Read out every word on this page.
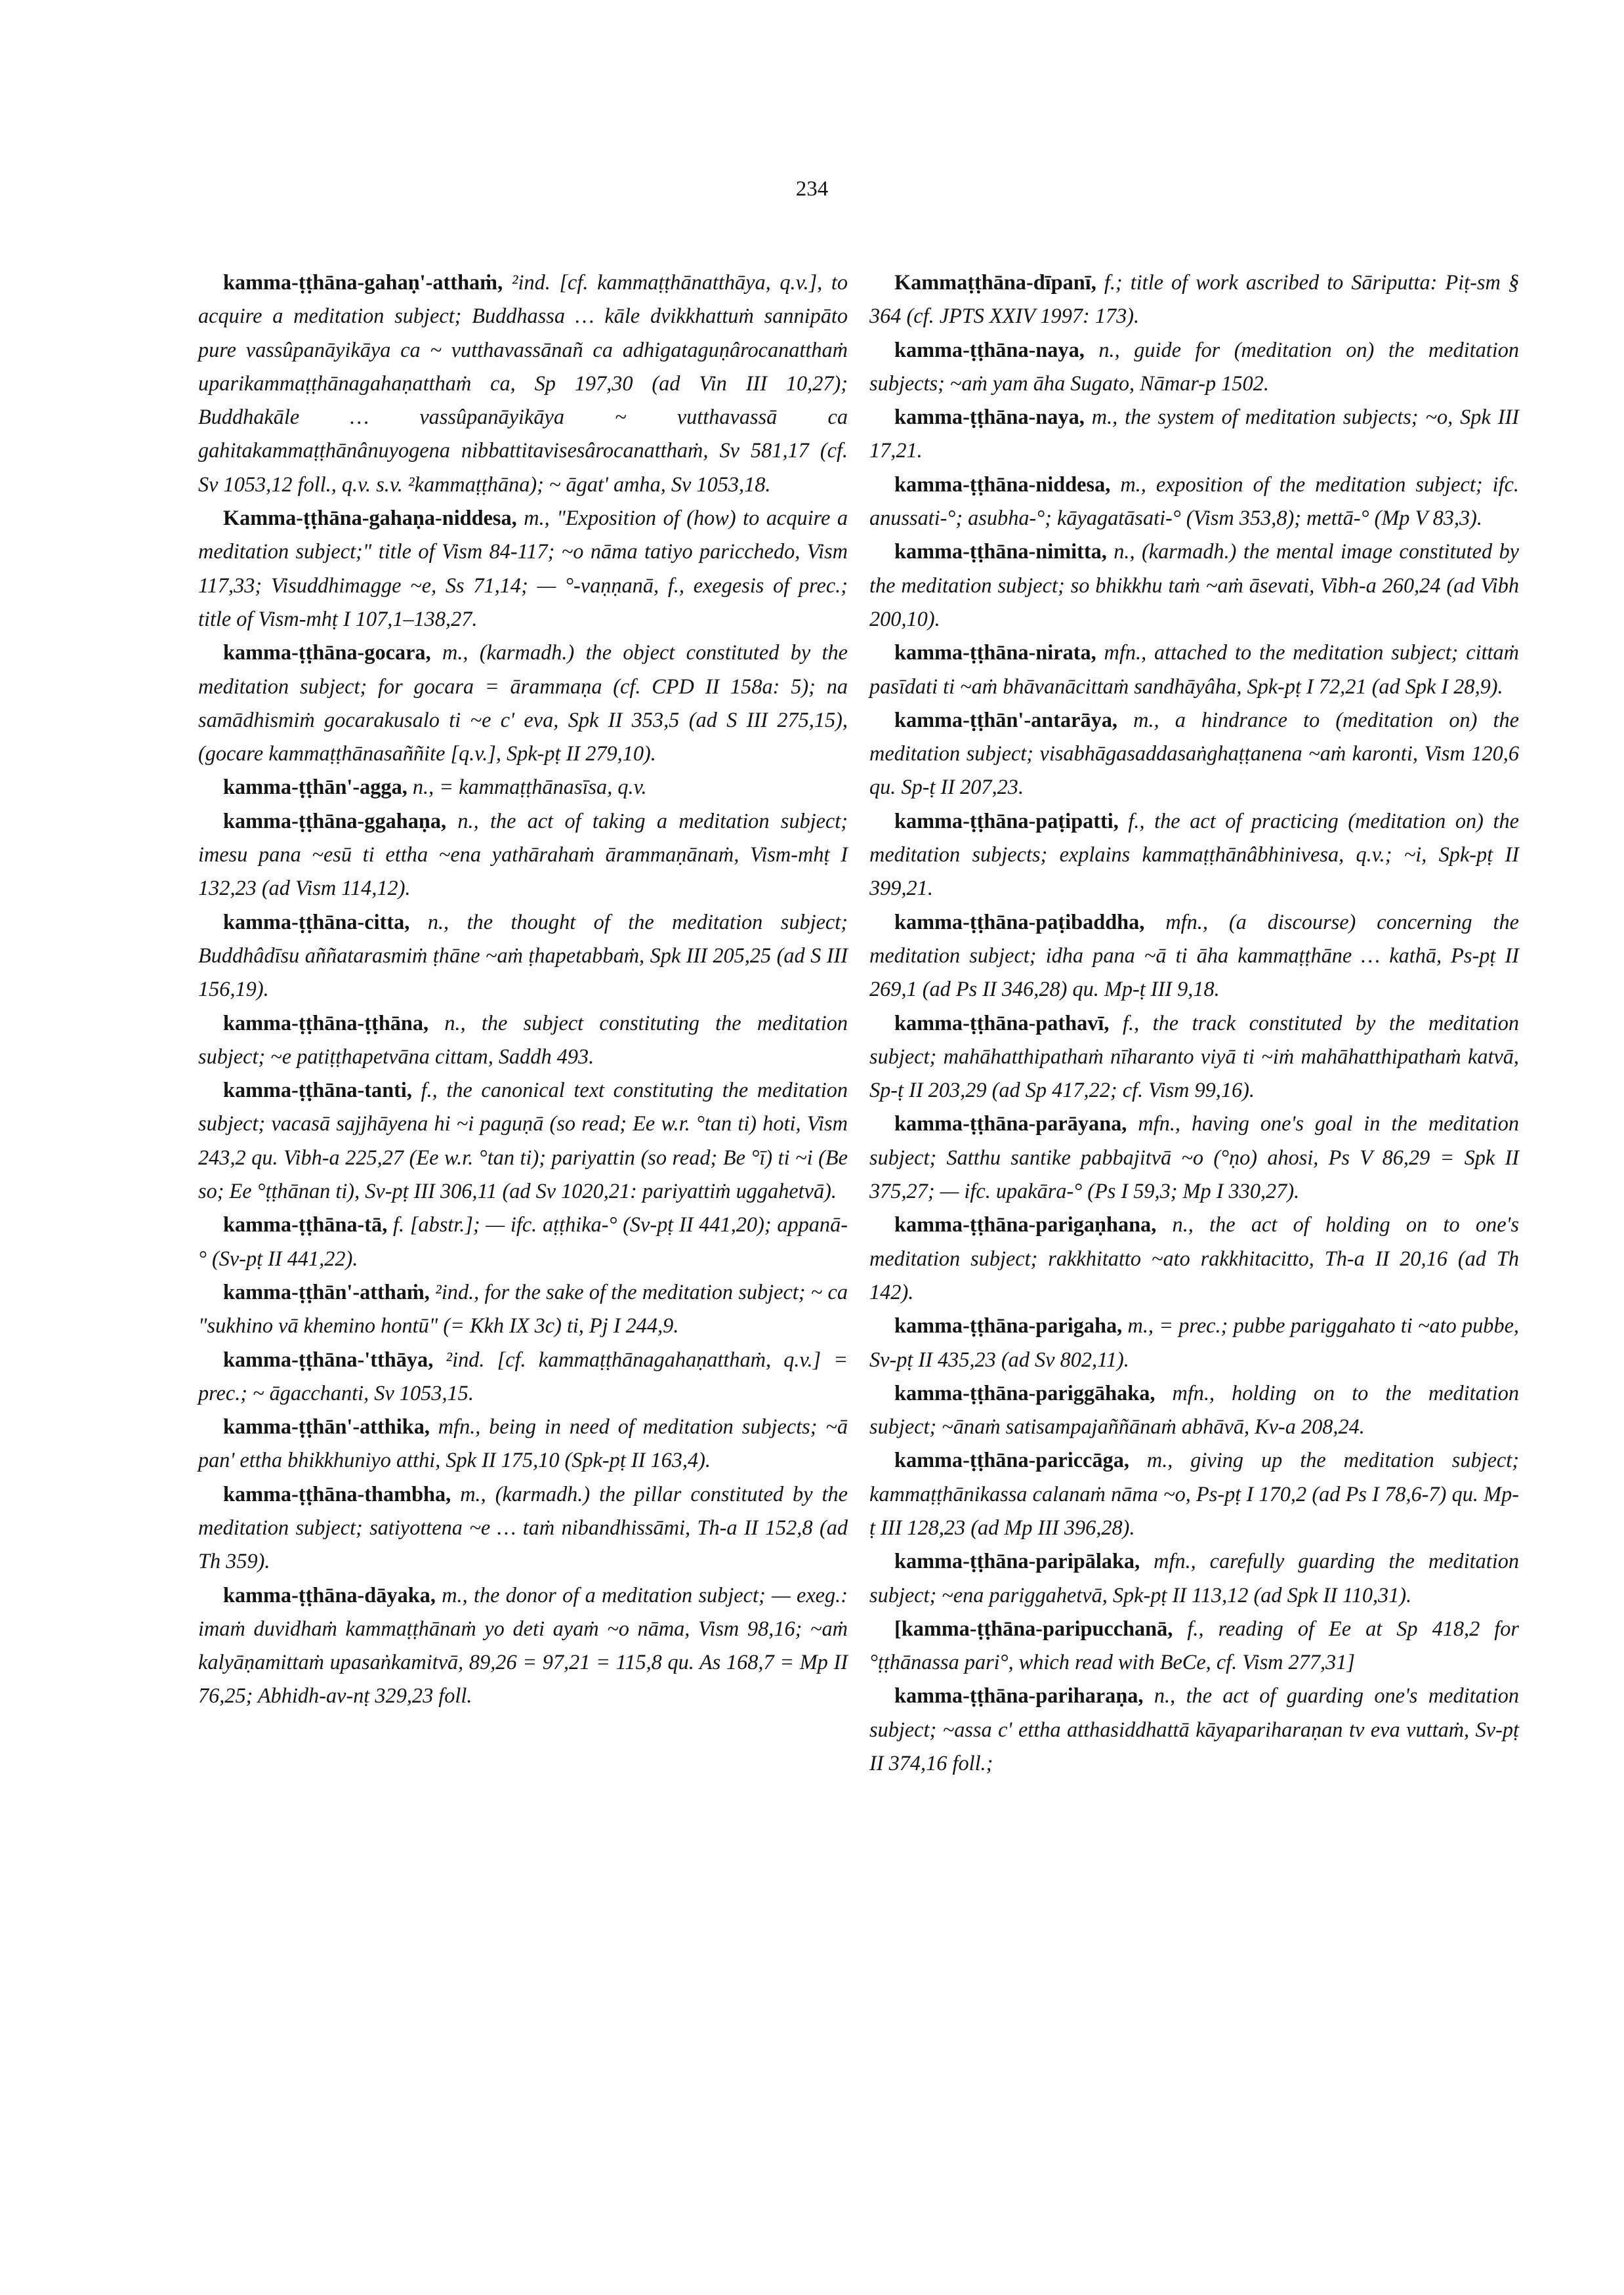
234

kamma-ṭṭhāna-gahaṇ'-atthaṁ, ²ind. [cf. kammaṭṭhānatthāya, q.v.], to acquire a meditation subject; Buddhassa … kāle dvikkhattuṁ sannipāto pure vassûpanāyikāya ca ~ vutthavassānañ ca adhigataguṇârocanatthaṁ uparikammaṭṭhānagahaṇatthaṁ ca, Sp 197,30 (ad Vin III 10,27); Buddhakāle … vassûpanāyikāya ~ vutthavassā ca gahitakammaṭṭhānânuyogena nibbattitavisesârocanatthaṁ, Sv 581,17 (cf. Sv 1053,12 foll., q.v. s.v. ²kammaṭṭhāna); ~ āgat' amha, Sv 1053,18.

Kamma-ṭṭhāna-gahaṇa-niddesa, m., "Exposition of (how) to acquire a meditation subject;" title of Vism 84-117; ~o nāma tatiyo paricchedo, Vism 117,33; Visuddhimagge ~e, Ss 71,14; — °-vaṇṇanā, f., exegesis of prec.; title of Vism-mhṭ I 107,1–138,27.

kamma-ṭṭhāna-gocara, m., (karmadh.) the object constituted by the meditation subject; for gocara = ārammaṇa (cf. CPD II 158a: 5); na samādhismiṁ gocarakusalo ti ~e c' eva, Spk II 353,5 (ad S III 275,15), (gocare kammaṭṭhānasaññite [q.v.], Spk-pṭ II 279,10).

kamma-ṭṭhān'-agga, n., = kammaṭṭhānasīsa, q.v.

kamma-ṭṭhāna-ggahaṇa, n., the act of taking a meditation subject; imesu pana ~esū ti ettha ~ena yathārahaṁ ārammaṇānaṁ, Vism-mhṭ I 132,23 (ad Vism 114,12).

kamma-ṭṭhāna-citta, n., the thought of the meditation subject; Buddhâdīsu aññatarasmiṁ ṭhāne ~aṁ ṭhapetabbaṁ, Spk III 205,25 (ad S III 156,19).

kamma-ṭṭhāna-ṭṭhāna, n., the subject constituting the meditation subject; ~e patiṭṭhapetvāna cittam, Saddh 493.

kamma-ṭṭhāna-tanti, f., the canonical text constituting the meditation subject; vacasā sajjhāyena hi ~i paguṇā (so read; Ee w.r. °tan ti) hoti, Vism 243,2 qu. Vibh-a 225,27 (Ee w.r. °tan ti); pariyattin (so read; Be °ī) ti ~i (Be so; Ee °ṭṭhānan ti), Sv-pṭ III 306,11 (ad Sv 1020,21: pariyattiṁ uggahetvā).

kamma-ṭṭhāna-tā, f. [abstr.]; — ifc. aṭṭhika-° (Sv-pṭ II 441,20); appanā-° (Sv-pṭ II 441,22).

kamma-ṭṭhān'-atthaṁ, ²ind., for the sake of the meditation subject; ~ ca "sukhino vā khemino hontū" (= Kkh IX 3c) ti, Pj I 244,9.

kamma-ṭṭhāna-'tthāya, ²ind. [cf. kammaṭṭhānagahaṇatthaṁ, q.v.] = prec.; ~ āgacchanti, Sv 1053,15.

kamma-ṭṭhān'-atthika, mfn., being in need of meditation subjects; ~ā pan' ettha bhikkhuniyo atthi, Spk II 175,10 (Spk-pṭ II 163,4).

kamma-ṭṭhāna-thambha, m., (karmadh.) the pillar constituted by the meditation subject; satiyottena ~e … taṁ nibandhissāmi, Th-a II 152,8 (ad Th 359).

kamma-ṭṭhāna-dāyaka, m., the donor of a meditation subject; — exeg.: imaṁ duvidhaṁ kammaṭṭhānaṁ yo deti ayaṁ ~o nāma, Vism 98,16; ~aṁ kalyāṇamittaṁ upasaṅkamitvā, 89,26 = 97,21 = 115,8 qu. As 168,7 = Mp II 76,25; Abhidh-av-nṭ 329,23 foll.

Kammaṭṭhāna-dīpanī, f.; title of work ascribed to Sāriputta: Piṭ-sm § 364 (cf. JPTS XXIV 1997: 173).

kamma-ṭṭhāna-naya, n., guide for (meditation on) the meditation subjects; ~aṁ yam āha Sugato, Nāmar-p 1502.

kamma-ṭṭhāna-naya, m., the system of meditation subjects; ~o, Spk III 17,21.

kamma-ṭṭhāna-niddesa, m., exposition of the meditation subject; ifc. anussati-°; asubha-°; kāyagatāsati-° (Vism 353,8); mettā-° (Mp V 83,3).

kamma-ṭṭhāna-nimitta, n., (karmadh.) the mental image constituted by the meditation subject; so bhikkhu taṁ ~aṁ āsevati, Vibh-a 260,24 (ad Vibh 200,10).

kamma-ṭṭhāna-nirata, mfn., attached to the meditation subject; cittaṁ pasīdati ti ~aṁ bhāvanācittaṁ sandhāyâha, Spk-pṭ I 72,21 (ad Spk I 28,9).

kamma-ṭṭhān'-antarāya, m., a hindrance to (meditation on) the meditation subject; visabhāgasaddasaṅghaṭṭanena ~aṁ karonti, Vism 120,6 qu. Sp-ṭ II 207,23.

kamma-ṭṭhāna-paṭipatti, f., the act of practicing (meditation on) the meditation subjects; explains kammaṭṭhānâbhinivesa, q.v.; ~i, Spk-pṭ II 399,21.

kamma-ṭṭhāna-paṭibaddha, mfn., (a discourse) concerning the meditation subject; idha pana ~ā ti āha kammaṭṭhāne … kathā, Ps-pṭ II 269,1 (ad Ps II 346,28) qu. Mp-ṭ III 9,18.

kamma-ṭṭhāna-pathavī, f., the track constituted by the meditation subject; mahāhatthipathaṁ nīharanto viyā ti ~iṁ mahāhatthipathaṁ katvā, Sp-ṭ II 203,29 (ad Sp 417,22; cf. Vism 99,16).

kamma-ṭṭhāna-parāyana, mfn., having one's goal in the meditation subject; Satthu santike pabbajitvā ~o (°ṇo) ahosi, Ps V 86,29 = Spk II 375,27; — ifc. upakāra-° (Ps I 59,3; Mp I 330,27).

kamma-ṭṭhāna-parigaṇhana, n., the act of holding on to one's meditation subject; rakkhitatto ~ato rakkhitacitto, Th-a II 20,16 (ad Th 142).

kamma-ṭṭhāna-parigaha, m., = prec.; pubbe pariggahato ti ~ato pubbe, Sv-pṭ II 435,23 (ad Sv 802,11).

kamma-ṭṭhāna-pariggāhaka, mfn., holding on to the meditation subject; ~ānaṁ satisampajaññānaṁ abhāvā, Kv-a 208,24.

kamma-ṭṭhāna-pariccāga, m., giving up the meditation subject; kammaṭṭhānikassa calanaṁ nāma ~o, Ps-pṭ I 170,2 (ad Ps I 78,6-7) qu. Mp-ṭ III 128,23 (ad Mp III 396,28).

kamma-ṭṭhāna-paripālaka, mfn., carefully guarding the meditation subject; ~ena pariggahetvā, Spk-pṭ II 113,12 (ad Spk II 110,31).

[kamma-ṭṭhāna-paripucchanā, f., reading of Ee at Sp 418,2 for °ṭṭhānassa pari°, which read with BeCe, cf. Vism 277,31]

kamma-ṭṭhāna-pariharaṇa, n., the act of guarding one's meditation subject; ~assa c' ettha atthasiddhattā kāyapariharaṇan tv eva vuttaṁ, Sv-pṭ II 374,16 foll.;
